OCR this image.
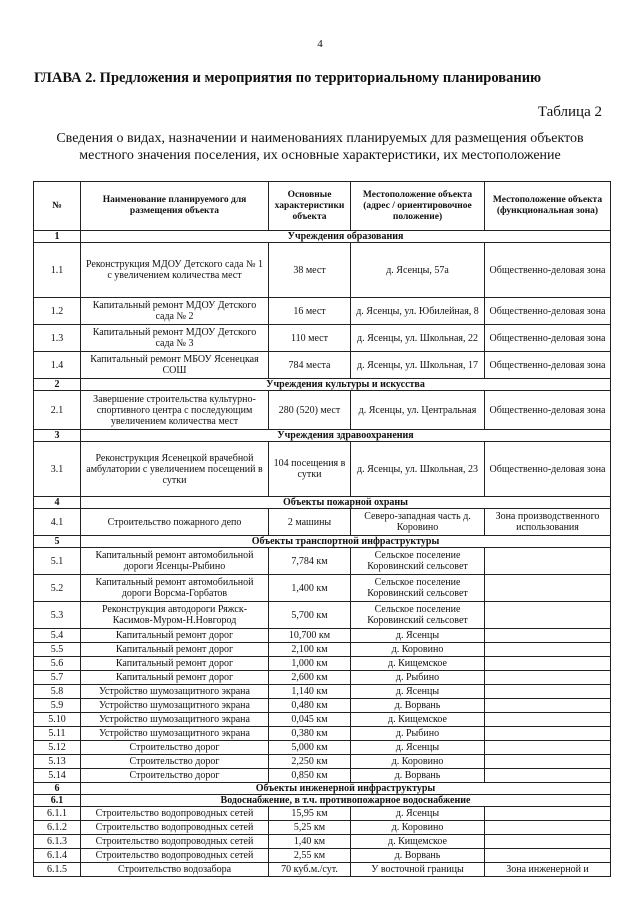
4
ГЛАВА 2. Предложения и мероприятия по территориальному планированию
Таблица 2
Сведения о видах, назначении и наименованиях планируемых для размещения объектов местного значения поселения, их основные характеристики, их местоположение
№	Наименование планируемого для размещения объекта	Основные характеристики объекта	Местоположение объекта (адрес / ориентировочное положение)	Местоположение объекта (функциональная зона)
1	Учреждения образования			
1.1	Реконструкция МДОУ Детского сада № 1 с увеличением количества мест	38 мест	д. Ясенцы, 57а	Общественно-деловая зона
1.2	Капитальный ремонт МДОУ Детского сада № 2	16 мест	д. Ясенцы, ул. Юбилейная, 8	Общественно-деловая зона
1.3	Капитальный ремонт МДОУ Детского сада № 3	110 мест	д. Ясенцы, ул. Школьная, 22	Общественно-деловая зона
1.4	Капитальный ремонт МБОУ Ясенецкая СОШ	784 места	д. Ясенцы, ул. Школьная, 17	Общественно-деловая зона
2	Учреждения культуры и искусства			
2.1	Завершение строительства культурно-спортивного центра с последующим увеличением количества мест	280 (520) мест	д. Ясенцы, ул. Центральная	Общественно-деловая зона
3	Учреждения здравоохранения			
3.1	Реконструкция Ясенецкой врачебной амбулатории с увеличением посещений в сутки	104 посещения в сутки	д. Ясенцы, ул. Школьная, 23	Общественно-деловая зона
4	Объекты пожарной охраны			
4.1	Строительство пожарного депо	2 машины	Северо-западная часть д. Коровино	Зона производственного использования
5	Объекты транспортной инфраструктуры			
5.1	Капитальный ремонт автомобильной дороги Ясенцы-Рыбино	7,784 км	Сельское поселение Коровинский сельсовет	
5.2	Капитальный ремонт автомобильной дороги Ворсма-Горбатов	1,400 км	Сельское поселение Коровинский сельсовет	
5.3	Реконструкция автодороги Ряжск-Касимов-Муром-Н.Новгород	5,700 км	Сельское поселение Коровинский сельсовет	
5.4	Капитальный ремонт дорог	10,700 км	д. Ясенцы	
5.5	Капитальный ремонт дорог	2,100 км	д. Коровино	
5.6	Капитальный ремонт дорог	1,000 км	д. Кищемское	
5.7	Капитальный ремонт дорог	2,600 км	д. Рыбино	
5.8	Устройство шумозащитного экрана	1,140 км	д. Ясенцы	
5.9	Устройство шумозащитного экрана	0,480 км	д. Ворвань	
5.10	Устройство шумозащитного экрана	0,045 км	д. Кищемское	
5.11	Устройство шумозащитного экрана	0,380 км	д. Рыбино	
5.12	Строительство дорог	5,000 км	д. Ясенцы	
5.13	Строительство дорог	2,250 км	д. Коровино	
5.14	Строительство дорог	0,850 км	д. Ворвань	
6	Объекты инженерной инфраструктуры			
6.1	Водоснабжение, в т.ч. противопожарное водоснабжение			
6.1.1	Строительство водопроводных сетей	15,95 км	д. Ясенцы	
6.1.2	Строительство водопроводных сетей	5,25 км	д. Коровино	
6.1.3	Строительство водопроводных сетей	1,40 км	д. Кищемское	
6.1.4	Строительство водопроводных сетей	2,55 км	д. Ворвань	
6.1.5	Строительство водозабора	70 куб.м./сут.	У восточной границы	Зона инженерной и
